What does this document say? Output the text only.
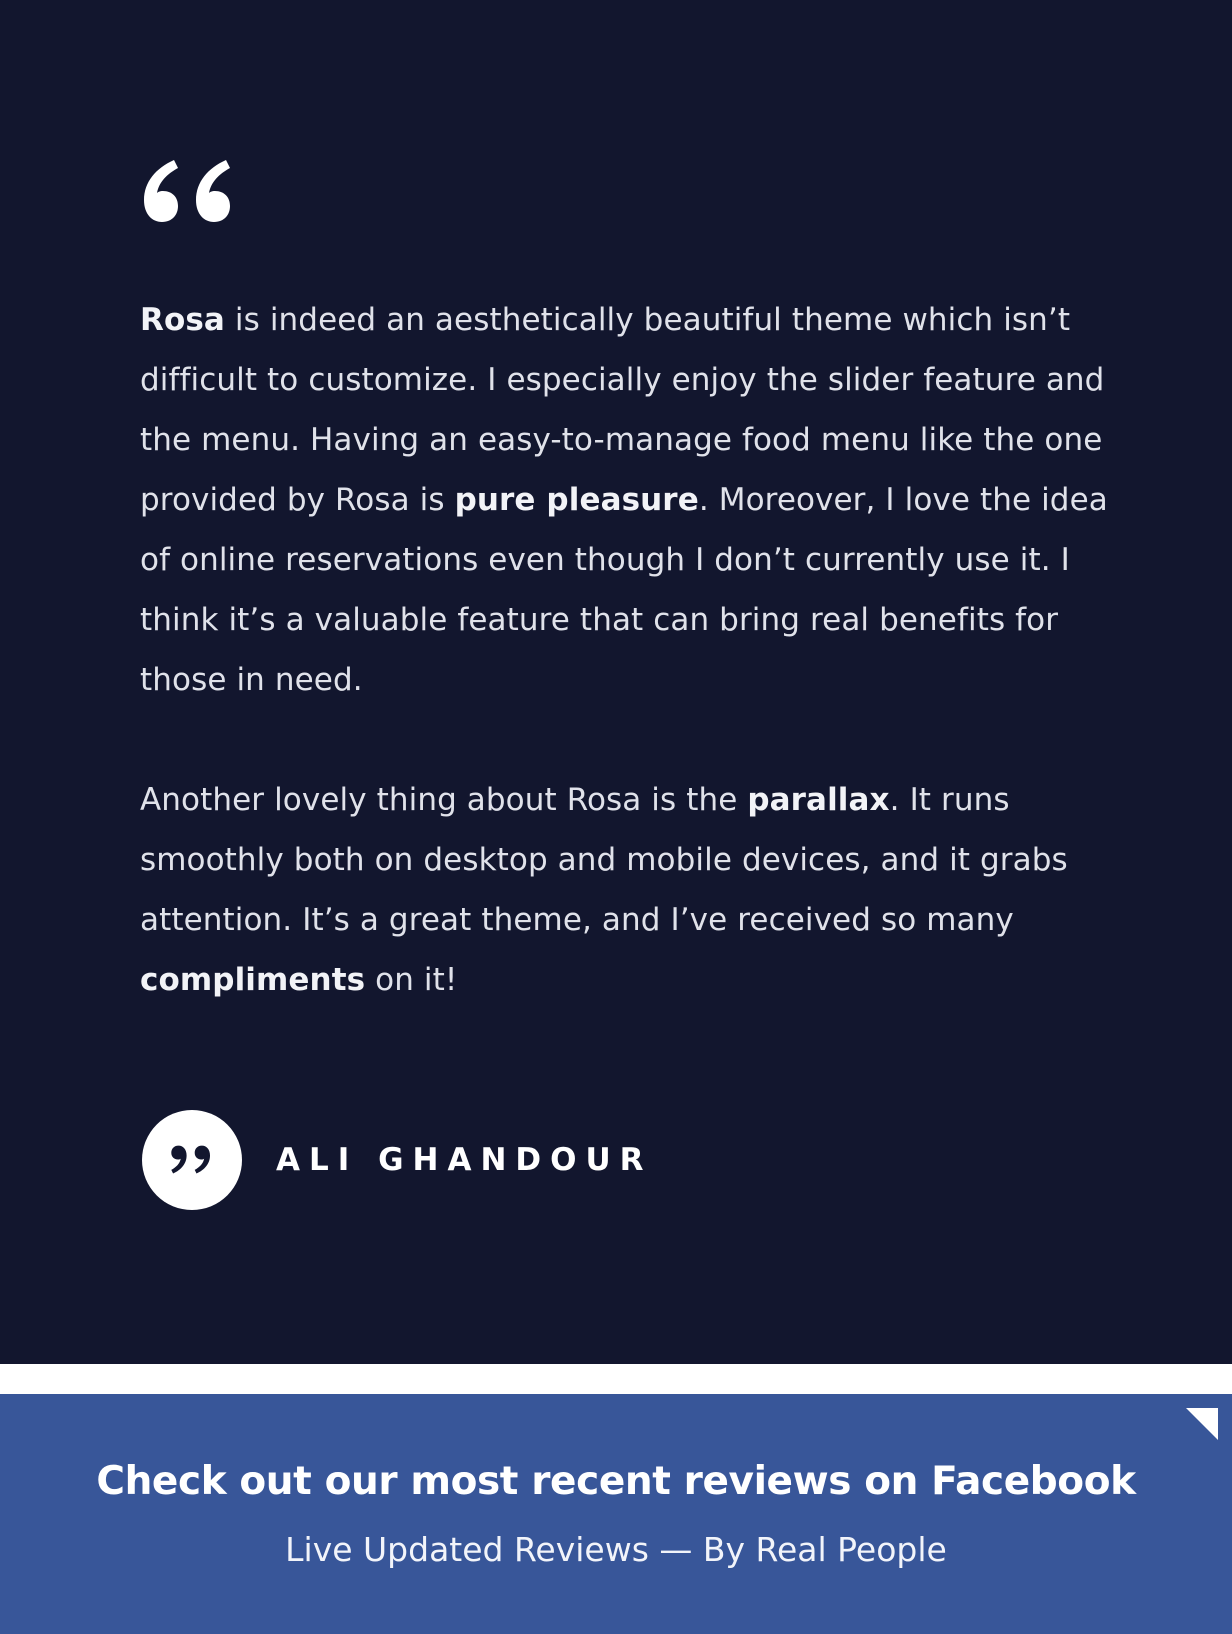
Rosa is indeed an aesthetically beautiful theme which isn’t difficult to customize. I especially enjoy the slider feature and the menu. Having an easy-to-manage food menu like the one provided by Rosa is pure pleasure. Moreover, I love the idea of online reservations even though I don’t currently use it. I think it’s a valuable feature that can bring real benefits for those in need.

Another lovely thing about Rosa is the parallax. It runs smoothly both on desktop and mobile devices, and it grabs attention. It’s a great theme, and I’ve received so many compliments on it!

ALI GHANDOUR
Check out our most recent reviews on Facebook
Live Updated Reviews — By Real People
